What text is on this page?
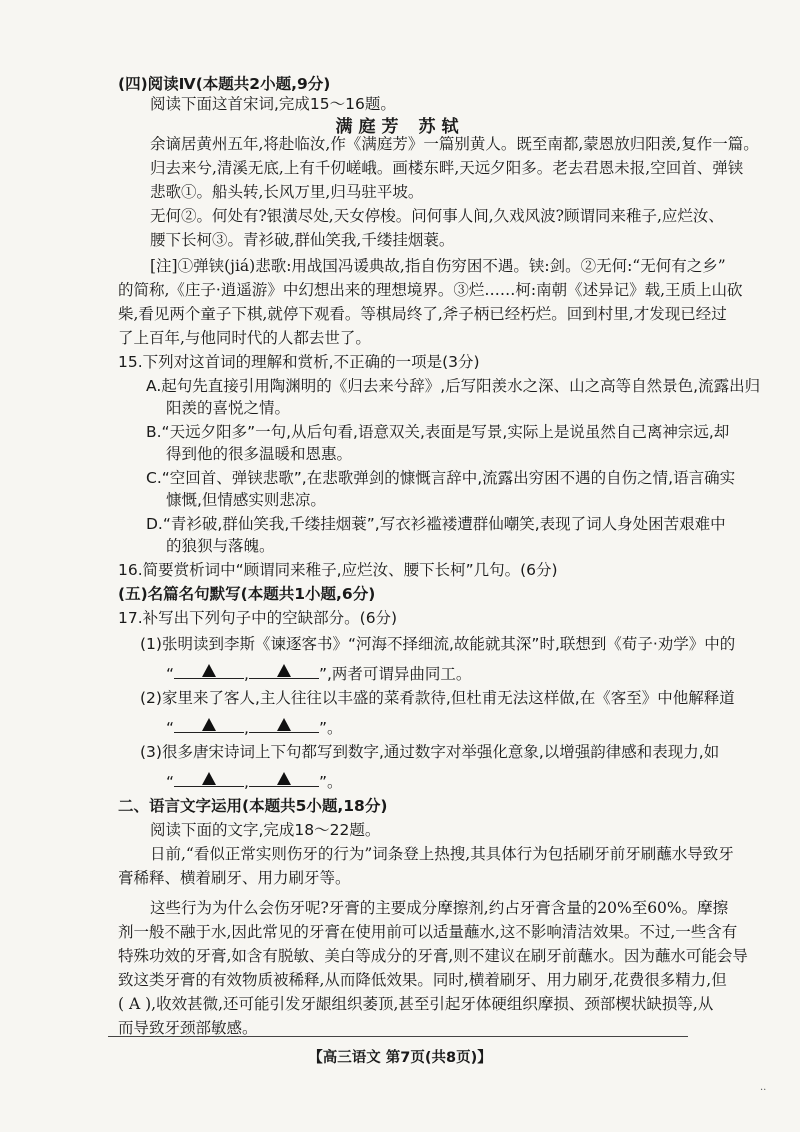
(四)阅读Ⅳ(本题共2小题,9分)
阅读下面这首宋词,完成15～16题。
满庭芳 苏轼
余谪居黄州五年,将赴临汝,作《满庭芳》一篇别黄人。既至南都,蒙恩放归阳羡,复作一篇。
归去来兮,清溪无底,上有千仞嵯峨。画楼东畔,天远夕阳多。老去君恩未报,空回首、弹铗
悲歌①。船头转,长风万里,归马驻平坡。
无何②。何处有?银潢尽处,天女停梭。问何事人间,久戏风波?顾谓同来稚子,应烂汝、
腰下长柯③。青衫破,群仙笑我,千缕挂烟蓑。
[注]①弹铗(jiá)悲歌:用战国冯谖典故,指自伤穷困不遇。铗:剑。②无何:“无何有之乡”
的简称,《庄子·逍遥游》中幻想出来的理想境界。③烂……柯:南朝《述异记》载,王质上山砍
柴,看见两个童子下棋,就停下观看。等棋局终了,斧子柄已经朽烂。回到村里,才发现已经过
了上百年,与他同时代的人都去世了。
15.下列对这首词的理解和赏析,不正确的一项是(3分)
A.起句先直接引用陶渊明的《归去来兮辞》,后写阳羡水之深、山之高等自然景色,流露出归
阳羡的喜悦之情。
B.“天远夕阳多”一句,从后句看,语意双关,表面是写景,实际上是说虽然自己离神宗远,却
得到他的很多温暖和恩惠。
C.“空回首、弹铗悲歌”,在悲歌弹剑的慷慨言辞中,流露出穷困不遇的自伤之情,语言确实
慷慨,但情感实则悲凉。
D.“青衫破,群仙笑我,千缕挂烟蓑”,写衣衫褴褛遭群仙嘲笑,表现了词人身处困苦艰难中
的狼狈与落魄。
16.简要赏析词中“顾谓同来稚子,应烂汝、腰下长柯”几句。(6分)
(五)名篇名句默写(本题共1小题,6分)
17.补写出下列句子中的空缺部分。(6分)
(1)张明读到李斯《谏逐客书》“河海不择细流,故能就其深”时,联想到《荀子·劝学》中的
“	,	”,两者可谓异曲同工。
(2)家里来了客人,主人往往以丰盛的菜肴款待,但杜甫无法这样做,在《客至》中他解释道
“	,	”。
(3)很多唐宋诗词上下句都写到数字,通过数字对举强化意象,以增强韵律感和表现力,如
“	,	”。
二、语言文字运用(本题共5小题,18分)
阅读下面的文字,完成18～22题。
日前,“看似正常实则伤牙的行为”词条登上热搜,其具体行为包括刷牙前牙刷蘸水导致牙
膏稀释、横着刷牙、用力刷牙等。
这些行为为什么会伤牙呢?牙膏的主要成分摩擦剂,约占牙膏含量的20%至60%。摩擦
剂一般不融于水,因此常见的牙膏在使用前可以适量蘸水,这不影响清洁效果。不过,一些含有
特殊功效的牙膏,如含有脱敏、美白等成分的牙膏,则不建议在刷牙前蘸水。因为蘸水可能会导
致这类牙膏的有效物质被稀释,从而降低效果。同时,横着刷牙、用力刷牙,花费很多精力,但
( A ),收效甚微,还可能引发牙龈组织萎顶,甚至引起牙体硬组织摩损、颈部楔状缺损等,从
而导致牙颈部敏感。
【高三语文 第7页(共8页)】
..
